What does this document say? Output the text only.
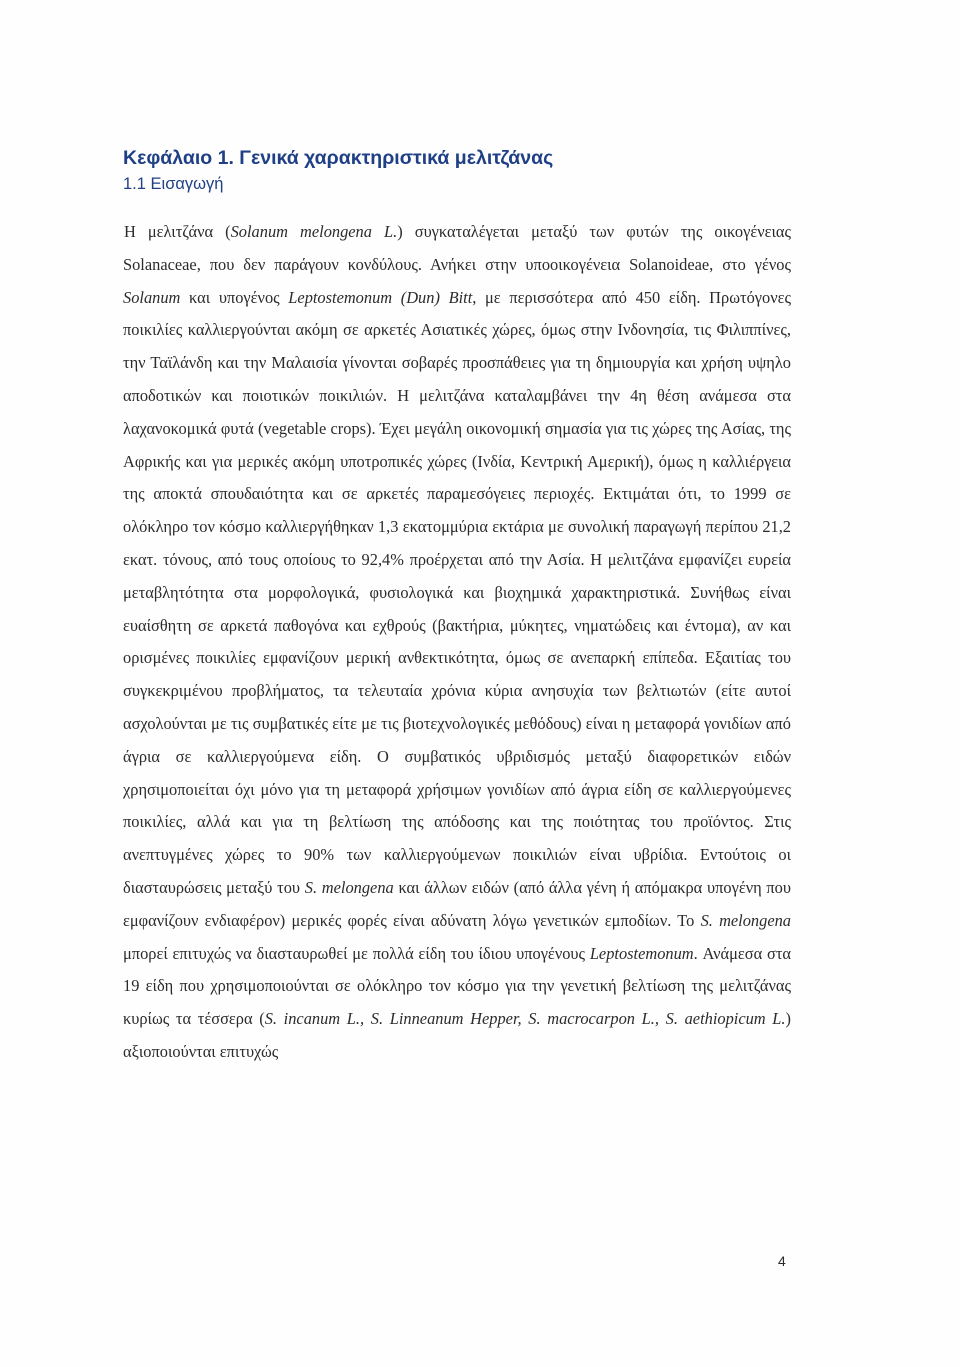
Κεφάλαιο 1. Γενικά χαρακτηριστικά μελιτζάνας

1.1 Εισαγωγή

Η μελιτζάνα (Solanum melongena L.) συγκαταλέγεται μεταξύ των φυτών της οικογένειας Solanaceae, που δεν παράγουν κονδύλους. Ανήκει στην υποοικογένεια Solanoideae, στο γένος Solanum και υπογένος Leptostemonum (Dun) Bitt, με περισσότερα από 450 είδη. Πρωτόγονες ποικιλίες καλλιεργούνται ακόμη σε αρκετές Ασιατικές χώρες, όμως στην Ινδονησία, τις Φιλιππίνες, την Ταϊλάνδη και την Μαλαισία γίνονται σοβαρές προσπάθειες για τη δημιουργία και χρήση υψηλο αποδοτικών και ποιοτικών ποικιλιών. Η μελιτζάνα καταλαμβάνει την 4η θέση ανάμεσα στα λαχανοκομικά φυτά (vegetable crops). Έχει μεγάλη οικονομική σημασία για τις χώρες της Ασίας, της Αφρικής και για μερικές ακόμη υποτροπικές χώρες (Ινδία, Κεντρική Αμερική), όμως η καλλιέργεια της αποκτά σπουδαιότητα και σε αρκετές παραμεσόγειες περιοχές. Εκτιμάται ότι, το 1999 σε ολόκληρο τον κόσμο καλλιεργήθηκαν 1,3 εκατομμύρια εκτάρια με συνολική παραγωγή περίπου 21,2 εκατ. τόνους, από τους οποίους το 92,4% προέρχεται από την Ασία. Η μελιτζάνα εμφανίζει ευρεία μεταβλητότητα στα μορφολογικά, φυσιολογικά και βιοχημικά χαρακτηριστικά. Συνήθως είναι ευαίσθητη σε αρκετά παθογόνα και εχθρούς (βακτήρια, μύκητες, νηματώδεις και έντομα), αν και ορισμένες ποικιλίες εμφανίζουν μερική ανθεκτικότητα, όμως σε ανεπαρκή επίπεδα. Εξαιτίας του συγκεκριμένου προβλήματος, τα τελευταία χρόνια κύρια ανησυχία των βελτιωτών (είτε αυτοί ασχολούνται με τις συμβατικές είτε με τις βιοτεχνολογικές μεθόδους) είναι η μεταφορά γονιδίων από άγρια σε καλλιεργούμενα είδη. Ο συμβατικός υβριδισμός μεταξύ διαφορετικών ειδών χρησιμοποιείται όχι μόνο για τη μεταφορά χρήσιμων γονιδίων από άγρια είδη σε καλλιεργούμενες ποικιλίες, αλλά και για τη βελτίωση της απόδοσης και της ποιότητας του προϊόντος. Στις ανεπτυγμένες χώρες το 90% των καλλιεργούμενων ποικιλιών είναι υβρίδια. Εντούτοις οι διασταυρώσεις μεταξύ του S. melongena και άλλων ειδών (από άλλα γένη ή απόμακρα υπογένη που εμφανίζουν ενδιαφέρον) μερικές φορές είναι αδύνατη λόγω γενετικών εμποδίων. Το S. melongena μπορεί επιτυχώς να διασταυρωθεί με πολλά είδη του ίδιου υπογένους Leptostemonum. Ανάμεσα στα 19 είδη που χρησιμοποιούνται σε ολόκληρο τον κόσμο για την γενετική βελτίωση της μελιτζάνας κυρίως τα τέσσερα (S. incanum L., S. Linneanum Hepper, S. macrocarpon L., S. aethiopicum L.) αξιοποιούνται επιτυχώς

4
